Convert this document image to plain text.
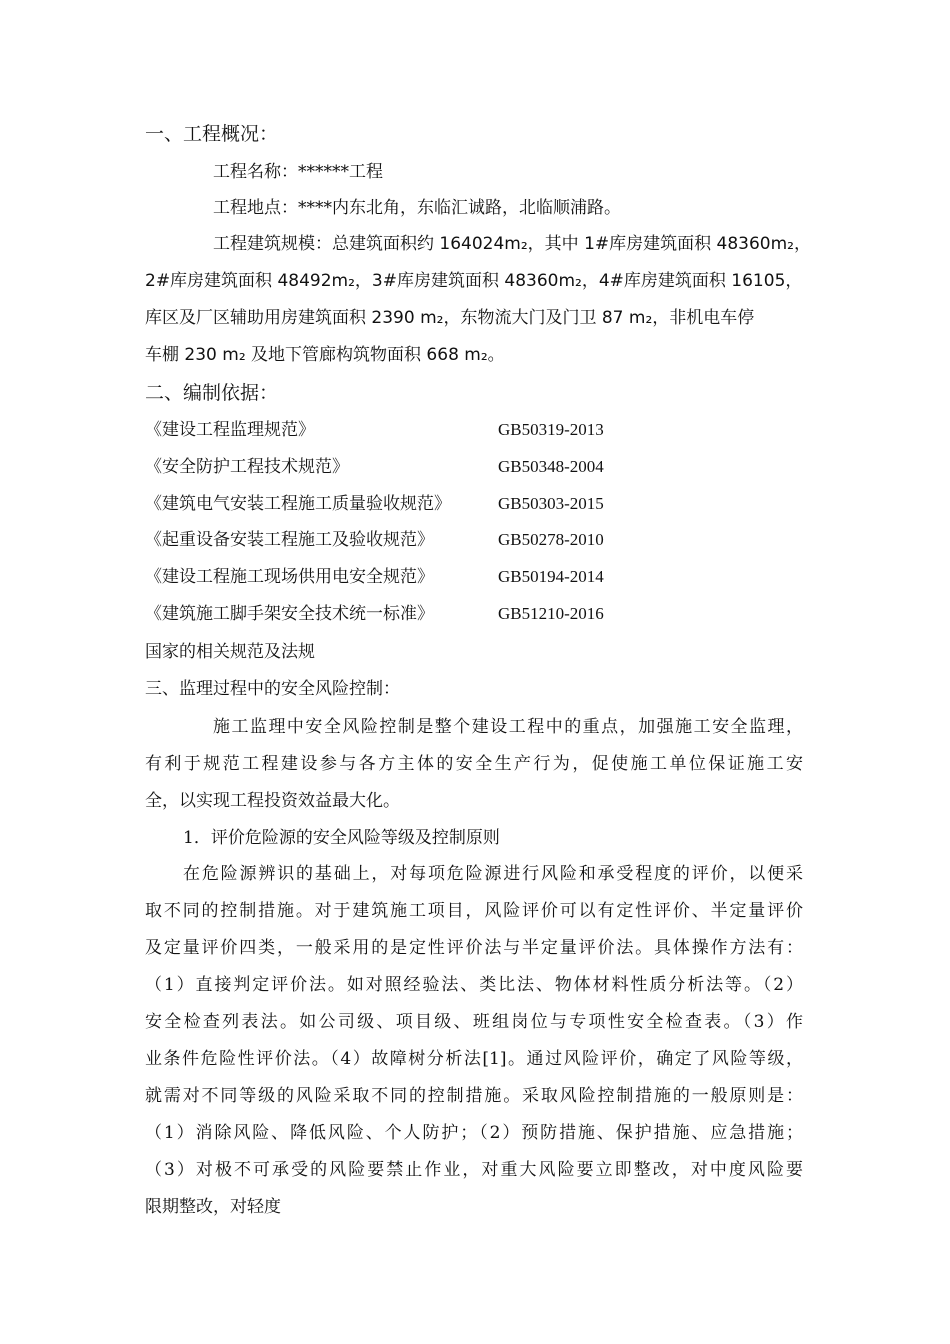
一、工程概况：
工程名称：******工程
工程地点：****内东北角，东临汇诚路，北临顺浦路。
工程建筑规模：总建筑面积约 164024m₂，其中 1#库房建筑面积 48360m₂，
2#库房建筑面积 48492m₂，3#库房建筑面积 48360m₂，4#库房建筑面积 16105，
库区及厂区辅助用房建筑面积 2390 m₂，东物流大门及门卫 87 m₂，非机电车停
车棚 230 m₂ 及地下管廊构筑物面积 668 m₂。
二、编制依据：
《建设工程监理规范》	GB50319-2013
《安全防护工程技术规范》	GB50348-2004
《建筑电气安装工程施工质量验收规范》	GB50303-2015
《起重设备安装工程施工及验收规范》	GB50278-2010
《建设工程施工现场供用电安全规范》	GB50194-2014
《建筑施工脚手架安全技术统一标准》	GB51210-2016
国家的相关规范及法规
三、监理过程中的安全风险控制：
施工监理中安全风险控制是整个建设工程中的重点，加强施工安全监理，
有利于规范工程建设参与各方主体的安全生产行为，促使施工单位保证施工安
全，以实现工程投资效益最大化。
1．评价危险源的安全风险等级及控制原则
在危险源辨识的基础上，对每项危险源进行风险和承受程度的评价，以便采
取不同的控制措施。对于建筑施工项目，风险评价可以有定性评价、半定量评价
及定量评价四类，一般采用的是定性评价法与半定量评价法。具体操作方法有：
（1）直接判定评价法。如对照经验法、类比法、物体材料性质分析法等。（2）
安全检查列表法。如公司级、项目级、班组岗位与专项性安全检查表。（3）作
业条件危险性评价法。（4）故障树分析法[1]。通过风险评价，确定了风险等级，
就需对不同等级的风险采取不同的控制措施。采取风险控制措施的一般原则是：
（1）消除风险、降低风险、个人防护；（2）预防措施、保护措施、应急措施；
（3）对极不可承受的风险要禁止作业，对重大风险要立即整改，对中度风险要
限期整改，对轻度
